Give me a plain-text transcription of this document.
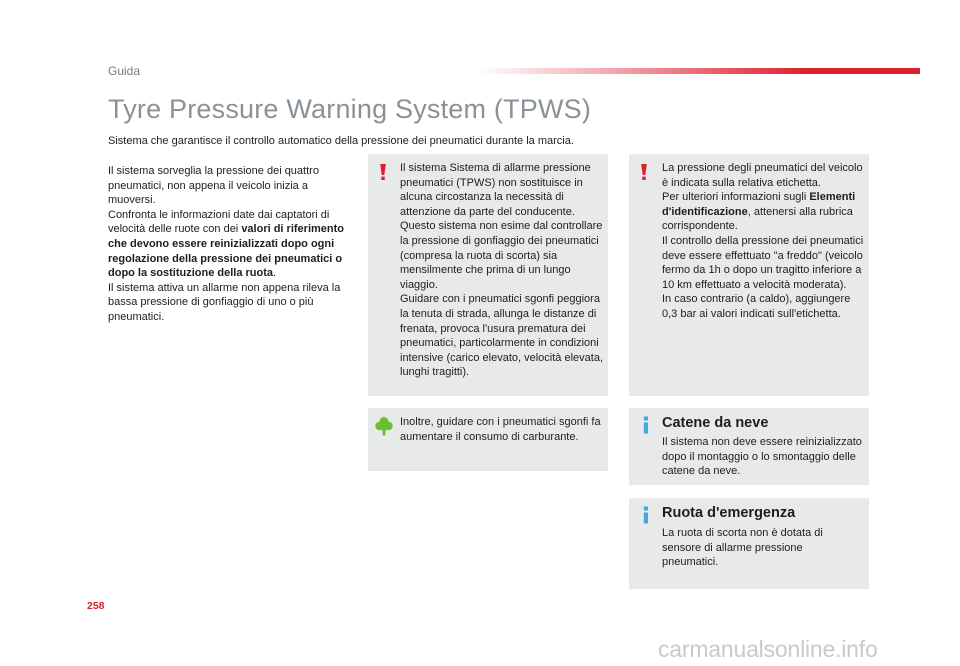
Guida
Tyre Pressure Warning System (TPWS)
Sistema che garantisce il controllo automatico della pressione dei pneumatici durante la marcia.
Il sistema sorveglia la pressione dei quattro pneumatici, non appena il veicolo inizia a muoversi.
Confronta le informazioni date dai captatori di velocità delle ruote con dei valori di riferimento che devono essere reinizializzati dopo ogni regolazione della pressione dei pneumatici o dopo la sostituzione della ruota.
Il sistema attiva un allarme non appena rileva la bassa pressione di gonfiaggio di uno o più pneumatici.
Il sistema Sistema di allarme pressione pneumatici (TPWS) non sostituisce in alcuna circostanza la necessità di attenzione da parte del conducente.
Questo sistema non esime dal controllare la pressione di gonfiaggio dei pneumatici (compresa la ruota di scorta) sia mensilmente che prima di un lungo viaggio.
Guidare con i pneumatici sgonfi peggiora la tenuta di strada, allunga le distanze di frenata, provoca l'usura prematura dei pneumatici, particolarmente in condizioni intensive (carico elevato, velocità elevata, lunghi tragitti).
La pressione degli pneumatici del veicolo è indicata sulla relativa etichetta.
Per ulteriori informazioni sugli Elementi d'identificazione, attenersi alla rubrica corrispondente.
Il controllo della pressione dei pneumatici deve essere effettuato "a freddo" (veicolo fermo da 1h o dopo un tragitto inferiore a 10 km effettuato a velocità moderata).
In caso contrario (a caldo), aggiungere 0,3 bar ai valori indicati sull'etichetta.
Inoltre, guidare con i pneumatici sgonfi fa aumentare il consumo di carburante.
Catene da neve
Il sistema non deve essere reinizializzato dopo il montaggio o lo smontaggio delle catene da neve.
Ruota d'emergenza
La ruota di scorta non è dotata di sensore di allarme pressione pneumatici.
258
carmanualsonline.info
